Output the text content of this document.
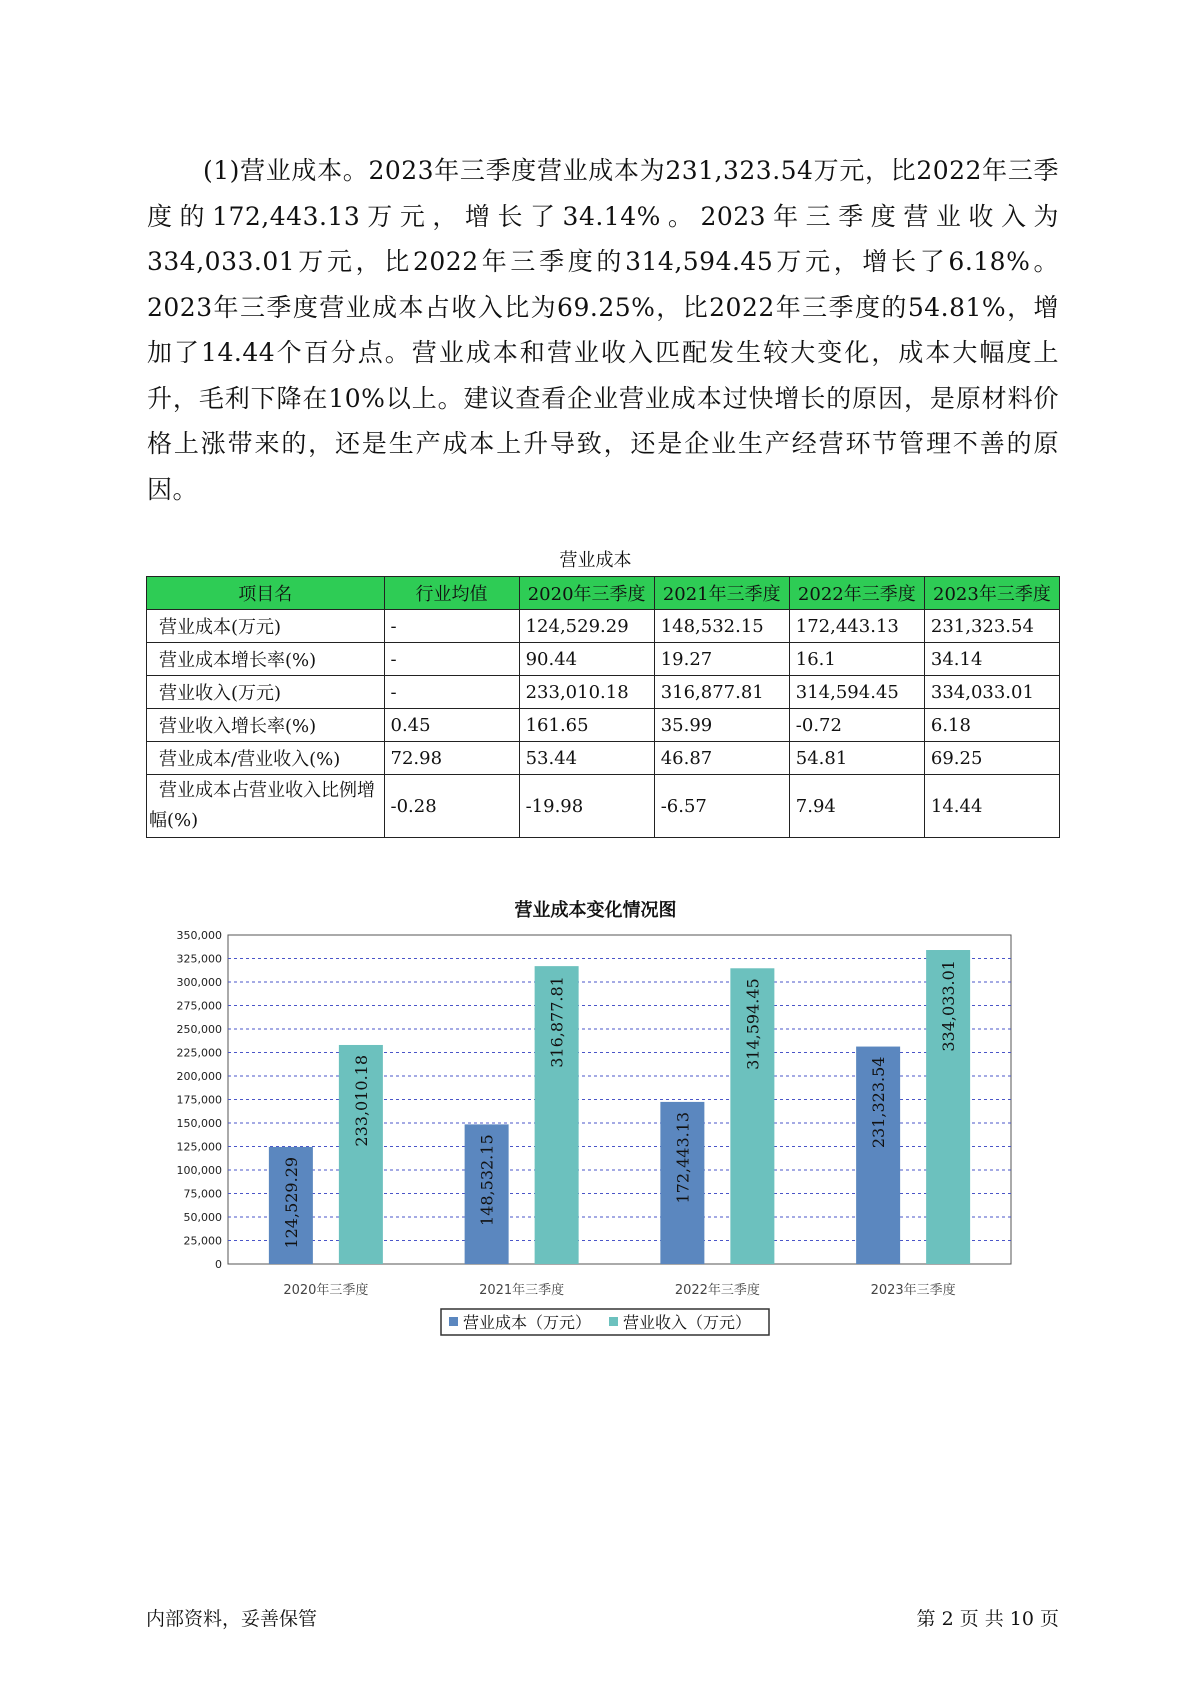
(1)营业成本。2023年三季度营业成本为231,323.54万元，比2022年三季度的172,443.13万元，增长了34.14%。2023年三季度营业收入为334,033.01万元，比2022年三季度的314,594.45万元，增长了6.18%。2023年三季度营业成本占收入比为69.25%，比2022年三季度的54.81%，增加了14.44个百分点。营业成本和营业收入匹配发生较大变化，成本大幅度上升，毛利下降在10%以上。建议查看企业营业成本过快增长的原因，是原材料价格上涨带来的，还是生产成本上升导致，还是企业生产经营环节管理不善的原因。

营业成本
项目名	行业均值	2020年三季度	2021年三季度	2022年三季度	2023年三季度
营业成本(万元)	-	124,529.29	148,532.15	172,443.13	231,323.54
营业成本增长率(%)	-	90.44	19.27	16.1	34.14
营业收入(万元)	-	233,010.18	316,877.81	314,594.45	334,033.01
营业收入增长率(%)	0.45	161.65	35.99	-0.72	6.18
营业成本/营业收入(%)	72.98	53.44	46.87	54.81	69.25
营业成本占营业收入比例增幅(%)	-0.28	-19.98	-6.57	7.94	14.44
营业成本变化情况图
0
25,000
50,000
75,000
100,000
125,000
150,000
175,000
200,000
225,000
250,000
275,000
300,000
325,000
350,000
124,529.29
233,010.18
2020年三季度
148,532.15
316,877.81
2021年三季度
172,443.13
314,594.45
2022年三季度
231,323.54
334,033.01
2023年三季度
营业成本（万元） 营业收入（万元）
内部资料，妥善保管	第 2 页 共 10 页
